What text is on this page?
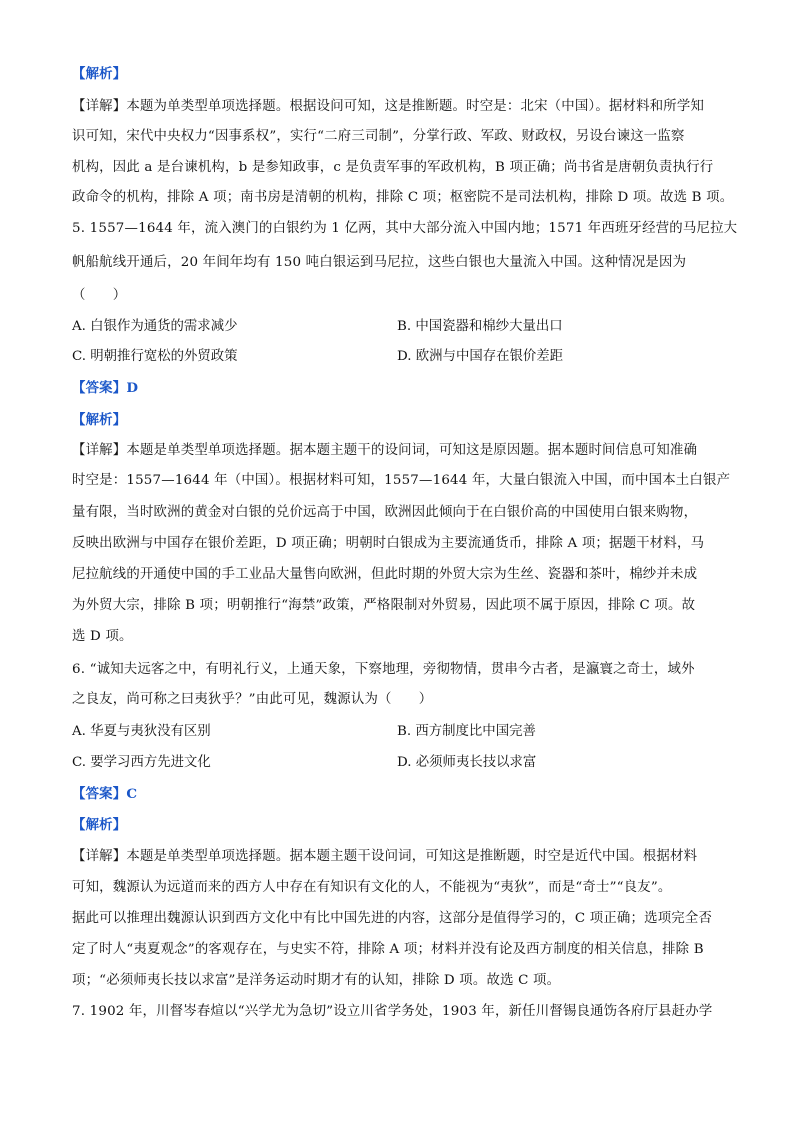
【解析】
【详解】本题为单类型单项选择题。根据设问可知，这是推断题。时空是：北宋（中国）。据材料和所学知
识可知，宋代中央权力“因事系权”，实行“二府三司制”，分掌行政、军政、财政权，另设台谏这一监察
机构，因此 a 是台谏机构，b 是参知政事，c 是负责军事的军政机构，B 项正确；尚书省是唐朝负责执行行
政命令的机构，排除 A 项；南书房是清朝的机构，排除 C 项；枢密院不是司法机构，排除 D 项。故选 B 项。
5. 1557—1644 年，流入澳门的白银约为 1 亿两，其中大部分流入中国内地；1571 年西班牙经营的马尼拉大
帆船航线开通后，20 年间年均有 150 吨白银运到马尼拉，这些白银也大量流入中国。这种情况是因为
（　　）
A. 白银作为通货的需求减少	B. 中国瓷器和棉纱大量出口
C. 明朝推行宽松的外贸政策	D. 欧洲与中国存在银价差距
【答案】D
【解析】
【详解】本题是单类型单项选择题。据本题主题干的设问词，可知这是原因题。据本题时间信息可知准确
时空是：1557—1644 年（中国）。根据材料可知，1557—1644 年，大量白银流入中国，而中国本土白银产
量有限，当时欧洲的黄金对白银的兑价远高于中国，欧洲因此倾向于在白银价高的中国使用白银来购物，
反映出欧洲与中国存在银价差距，D 项正确；明朝时白银成为主要流通货币，排除 A 项；据题干材料，马
尼拉航线的开通使中国的手工业品大量售向欧洲，但此时期的外贸大宗为生丝、瓷器和茶叶，棉纱并未成
为外贸大宗，排除 B 项；明朝推行“海禁”政策，严格限制对外贸易，因此项不属于原因，排除 C 项。故
选 D 项。
6. “诚知夫远客之中，有明礼行义，上通天象，下察地理，旁彻物情，贯串今古者，是瀛寰之奇士，域外
之良友，尚可称之曰夷狄乎？”由此可见，魏源认为（　　）
A. 华夏与夷狄没有区别	B. 西方制度比中国完善
C. 要学习西方先进文化	D. 必须师夷长技以求富
【答案】C
【解析】
【详解】本题是单类型单项选择题。据本题主题干设问词，可知这是推断题，时空是近代中国。根据材料
可知，魏源认为远道而来的西方人中存在有知识有文化的人，不能视为“夷狄”，而是“奇士”“良友”。
据此可以推理出魏源认识到西方文化中有比中国先进的内容，这部分是值得学习的，C 项正确；选项完全否
定了时人“夷夏观念”的客观存在，与史实不符，排除 A 项；材料并没有论及西方制度的相关信息，排除 B
项；“必须师夷长技以求富”是洋务运动时期才有的认知，排除 D 项。故选 C 项。
7. 1902 年，川督岑春煊以“兴学尤为急切”设立川省学务处，1903 年，新任川督锡良通饬各府厅县赶办学
